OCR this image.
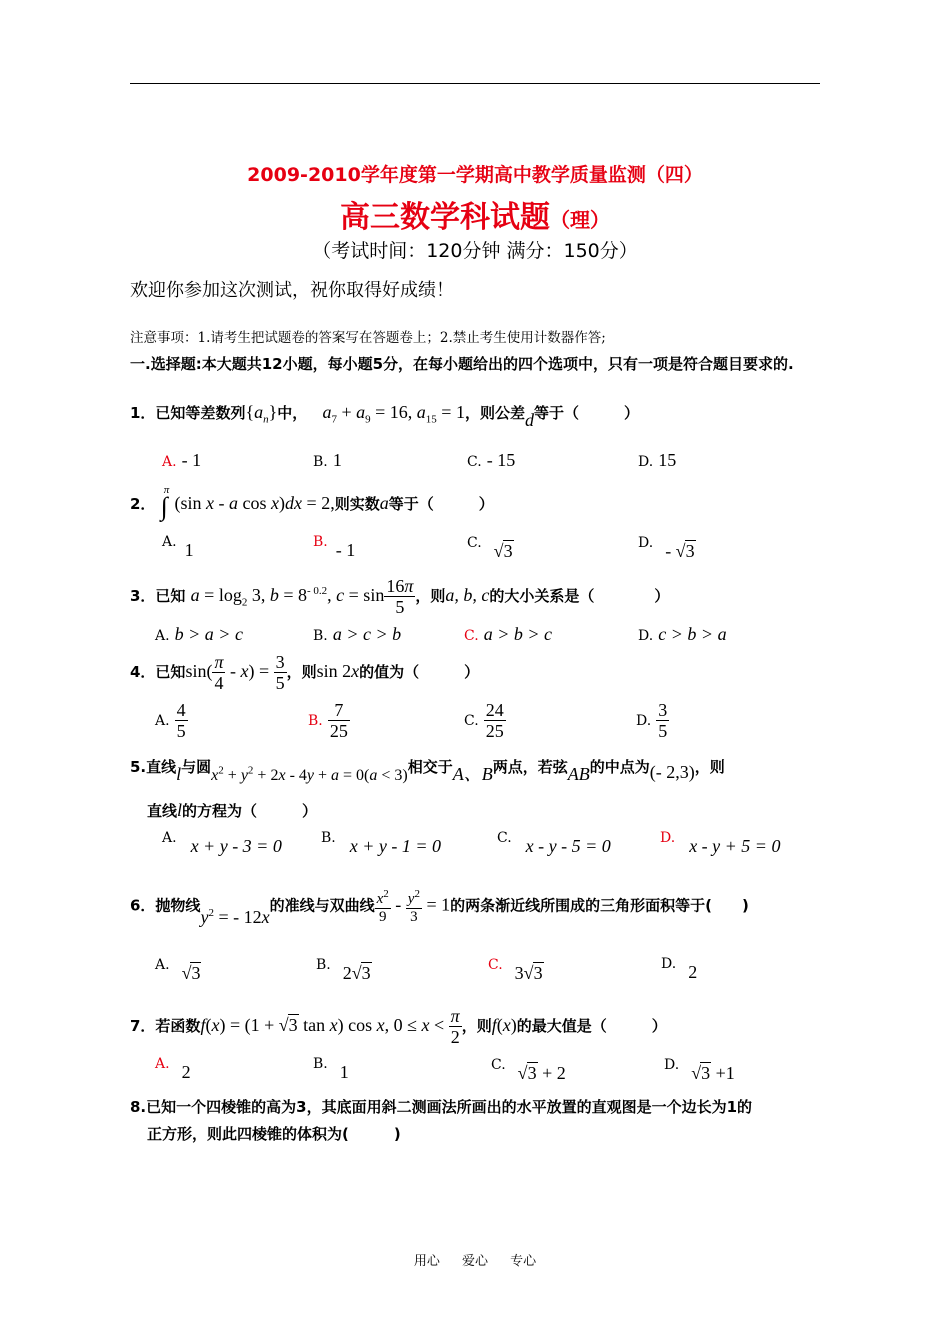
2009-2010学年度第一学期高中教学质量监测（四）
高三数学科试题（理）
（考试时间：120分钟 满分：150分）
欢迎你参加这次测试，祝你取得好成绩！
注意事项：1.请考生把试题卷的答案写在答题卷上；2.禁止考生使用计数器作答;
一.选择题:本大题共12小题，每小题5分，在每小题给出的四个选项中，只有一项是符合题目要求的.
1．已知等差数列$\{a_n\}$中， $a_7 + a_9 = 16$, $a_{15} = 1$，则公差d等于（　　　）
A. - 1	B. 1	C. - 15	D. 15
2． ∫$^\pi$ (sin x - a cos x)dx = 2,则实数a等于（　　　）
A. 1	B. - 1	C. √3	D. - √3
3．已知 $a = \log_2 3$, $b = 8^{- 0.2}$, $c = \sin \frac{16\pi}{5}$ ，则a, b, c的大小关系是（　　　　）
A. b > a > c	B. a > c > b	C. a > b > c	D. c > b > a
4．已知$\sin( \frac{\pi}{4} - x) = \frac{3}{5}$ ，则sin 2x的值为（　　　）
A. $\frac{4}{5}$	B. $\frac{7}{25}$	C. $\frac{24}{25}$	D. $\frac{3}{5}$
5.直线l与圆$x^2 + y^2 + 2x - 4y + a = 0(a < 3)$相交于A、B两点，若弦AB的中点为(- 2,3)，则
直线l的方程为（　　　）
A. x + y - 3 = 0	B. x + y - 1 = 0	C. x - y - 5 = 0	D. x - y + 5 = 0
6．抛物线$y^2$ = - 12x的准线与双曲线 $\frac{x^2}{9} - \frac{y^2}{3} = 1$的两条渐近线所围成的三角形面积等于(　　)
A. √3	B. 2√3	C. 3√3	D. 2
7．若函数f(x) = (1 + √3 tan x) cos x, $0 \le x < \frac{\pi}{2}$ ，则f(x)的最大值是（　　　）
A. 2	B. 1	C. √3 + 2	D. √3 +1
8.已知一个四棱锥的高为3，其底面用斜二测画法所画出的水平放置的直观图是一个边长为1的
正方形，则此四棱锥的体积为(　　　)
用心 爱心 专心
